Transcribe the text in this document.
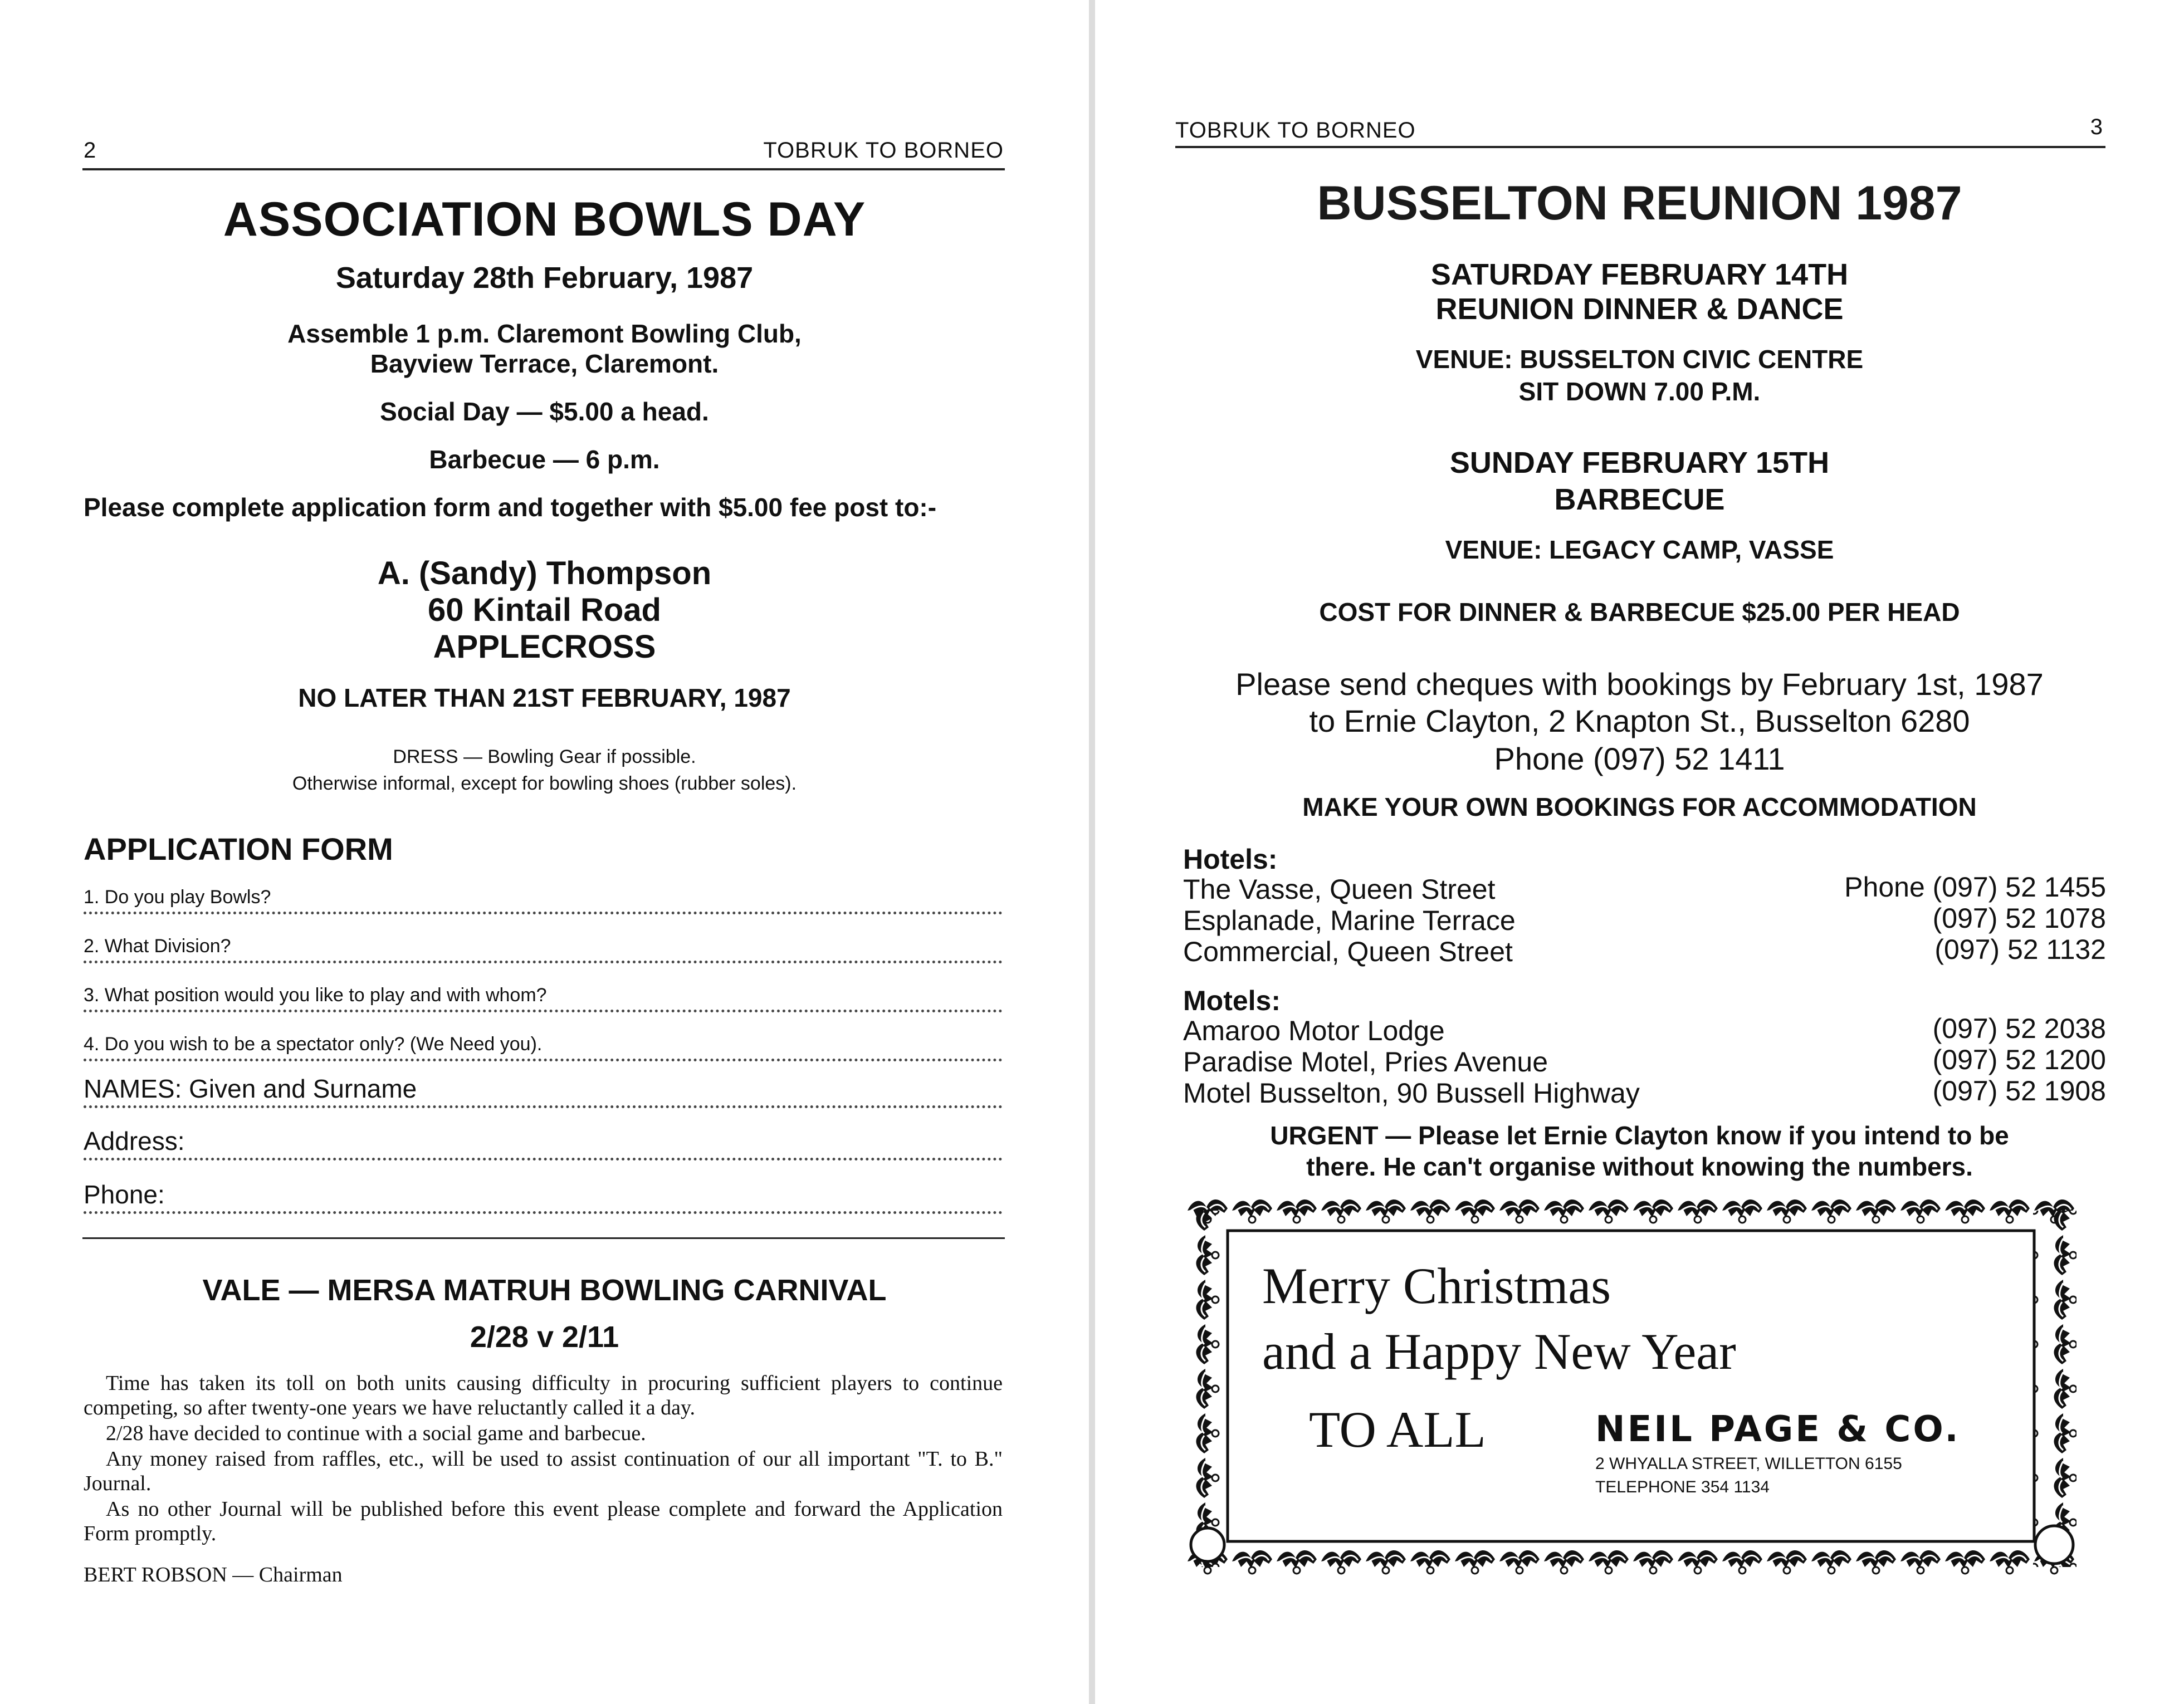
2	TOBRUK TO BORNEO
ASSOCIATION BOWLS DAY
Saturday 28th February, 1987
Assemble 1 p.m. Claremont Bowling Club,
Bayview Terrace, Claremont.
Social Day — $5.00 a head.
Barbecue — 6 p.m.
Please complete application form and together with $5.00 fee post to:-
A. (Sandy) Thompson
60 Kintail Road
APPLECROSS
NO LATER THAN 21ST FEBRUARY, 1987
DRESS — Bowling Gear if possible.
Otherwise informal, except for bowling shoes (rubber soles).
APPLICATION FORM
1. Do you play Bowls?
2. What Division?
3. What position would you like to play and with whom?
4. Do you wish to be a spectator only? (We Need you).
NAMES: Given and Surname
Address:
Phone:
VALE — MERSA MATRUH BOWLING CARNIVAL
2/28 v 2/11
Time has taken its toll on both units causing difficulty in procuring sufficient players to continue competing, so after twenty-one years we have reluctantly called it a day.
2/28 have decided to continue with a social game and barbecue.
Any money raised from raffles, etc., will be used to assist continuation of our all important "T. to B." Journal.
As no other Journal will be published before this event please complete and forward the Application Form promptly.
BERT ROBSON — Chairman
TOBRUK TO BORNEO	3
BUSSELTON REUNION 1987
SATURDAY FEBRUARY 14TH
REUNION DINNER & DANCE
VENUE: BUSSELTON CIVIC CENTRE
SIT DOWN 7.00 P.M.
SUNDAY FEBRUARY 15TH
BARBECUE
VENUE: LEGACY CAMP, VASSE
COST FOR DINNER & BARBECUE $25.00 PER HEAD
Please send cheques with bookings by February 1st, 1987
to Ernie Clayton, 2 Knapton St., Busselton 6280
Phone (097) 52 1411
MAKE YOUR OWN BOOKINGS FOR ACCOMMODATION
Hotels:
The Vasse, Queen Street	Phone (097) 52 1455
Esplanade, Marine Terrace	(097) 52 1078
Commercial, Queen Street	(097) 52 1132
Motels:
Amaroo Motor Lodge	(097) 52 2038
Paradise Motel, Pries Avenue	(097) 52 1200
Motel Busselton, 90 Bussell Highway	(097) 52 1908
URGENT — Please let Ernie Clayton know if you intend to be
there. He can't organise without knowing the numbers.
Merry Christmas
and a Happy New Year
TO ALL	NEIL PAGE & CO.
2 WHYALLA STREET, WILLETTON 6155
TELEPHONE 354 1134
